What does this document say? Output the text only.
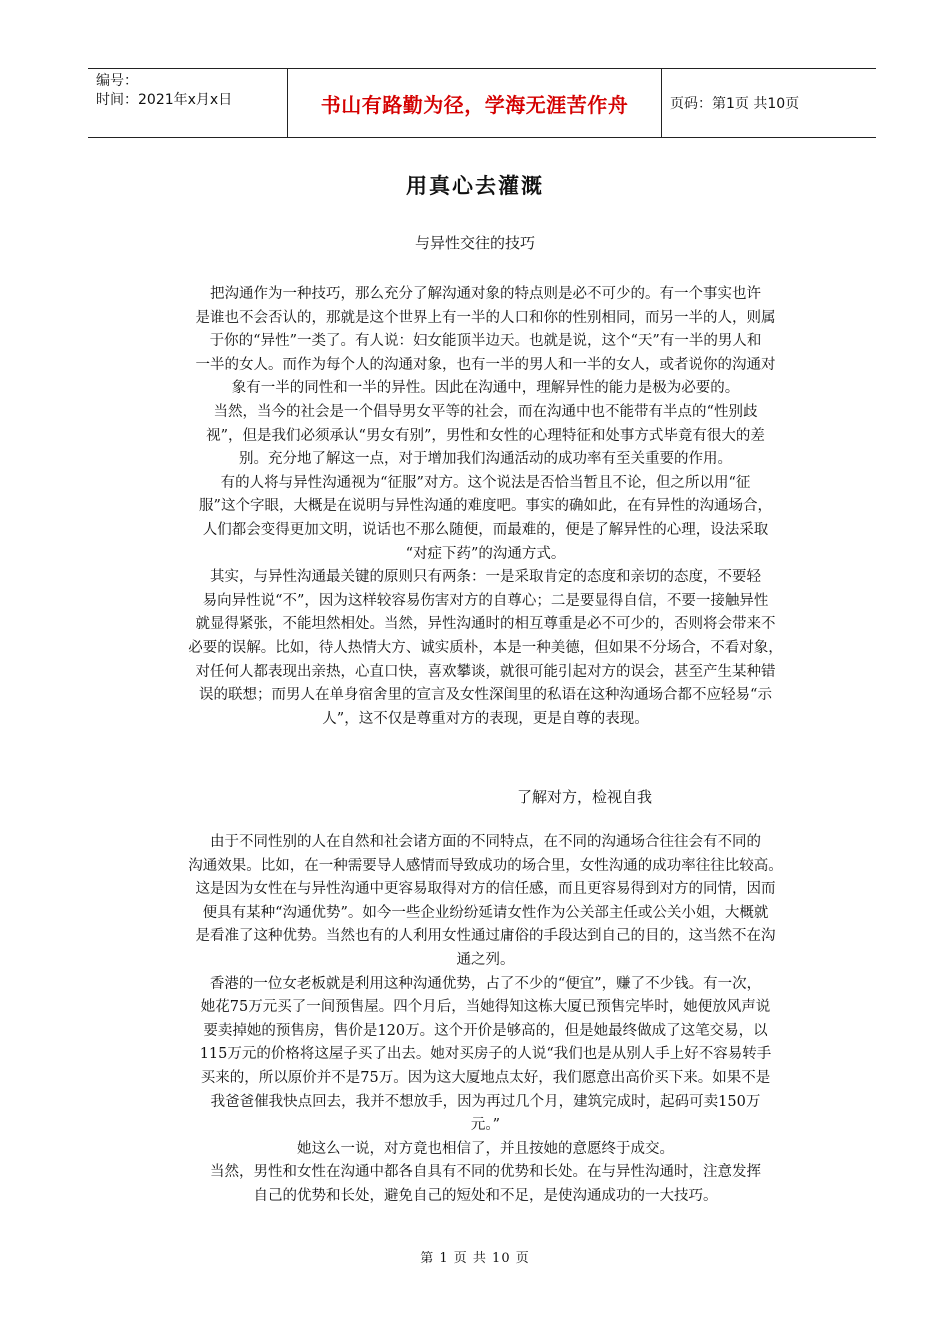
编号：
时间：2021年x月x日	书山有路勤为径，学海无涯苦作舟	页码：第1页 共10页
用真心去灌溉
与异性交往的技巧
把沟通作为一种技巧，那么充分了解沟通对象的特点则是必不可少的。有一个事实也许
是谁也不会否认的，那就是这个世界上有一半的人口和你的性别相同，而另一半的人，则属
于你的“异性”一类了。有人说：妇女能顶半边天。也就是说，这个“天”有一半的男人和
一半的女人。而作为每个人的沟通对象，也有一半的男人和一半的女人，或者说你的沟通对
象有一半的同性和一半的异性。因此在沟通中，理解异性的能力是极为必要的。
当然，当今的社会是一个倡导男女平等的社会，而在沟通中也不能带有半点的“性别歧
视”，但是我们必须承认“男女有别”，男性和女性的心理特征和处事方式毕竟有很大的差
别。充分地了解这一点，对于增加我们沟通活动的成功率有至关重要的作用。
有的人将与异性沟通视为“征服”对方。这个说法是否恰当暂且不论，但之所以用“征
服”这个字眼，大概是在说明与异性沟通的难度吧。事实的确如此，在有异性的沟通场合，
人们都会变得更加文明，说话也不那么随便，而最难的，便是了解异性的心理，设法采取
“对症下药”的沟通方式。
其实，与异性沟通最关键的原则只有两条：一是采取肯定的态度和亲切的态度，不要轻
易向异性说“不”，因为这样较容易伤害对方的自尊心；二是要显得自信，不要一接触异性
就显得紧张，不能坦然相处。当然，异性沟通时的相互尊重是必不可少的，否则将会带来不
必要的误解。比如，待人热情大方、诚实质朴，本是一种美德，但如果不分场合，不看对象，
对任何人都表现出亲热，心直口快，喜欢攀谈，就很可能引起对方的误会，甚至产生某种错
误的联想；而男人在单身宿舍里的宣言及女性深闺里的私语在这种沟通场合都不应轻易“示
人”，这不仅是尊重对方的表现，更是自尊的表现。
了解对方，检视自我
由于不同性别的人在自然和社会诸方面的不同特点，在不同的沟通场合往往会有不同的
沟通效果。比如，在一种需要导人感情而导致成功的场合里，女性沟通的成功率往往比较高。
这是因为女性在与异性沟通中更容易取得对方的信任感，而且更容易得到对方的同情，因而
便具有某种“沟通优势”。如今一些企业纷纷延请女性作为公关部主任或公关小姐，大概就
是看准了这种优势。当然也有的人利用女性通过庸俗的手段达到自己的目的，这当然不在沟
通之列。
香港的一位女老板就是利用这种沟通优势，占了不少的“便宜”，赚了不少钱。有一次，
她花75万元买了一间预售屋。四个月后，当她得知这栋大厦已预售完毕时，她便放风声说
要卖掉她的预售房，售价是120万。这个开价是够高的，但是她最终做成了这笔交易，以
115万元的价格将这屋子买了出去。她对买房子的人说“我们也是从别人手上好不容易转手
买来的，所以原价并不是75万。因为这大厦地点太好，我们愿意出高价买下来。如果不是
我爸爸催我快点回去，我并不想放手，因为再过几个月，建筑完成时，起码可卖150万
元。”
她这么一说，对方竟也相信了，并且按她的意愿终于成交。
当然，男性和女性在沟通中都各自具有不同的优势和长处。在与异性沟通时，注意发挥
自己的优势和长处，避免自己的短处和不足，是使沟通成功的一大技巧。
第 1 页 共 10 页
